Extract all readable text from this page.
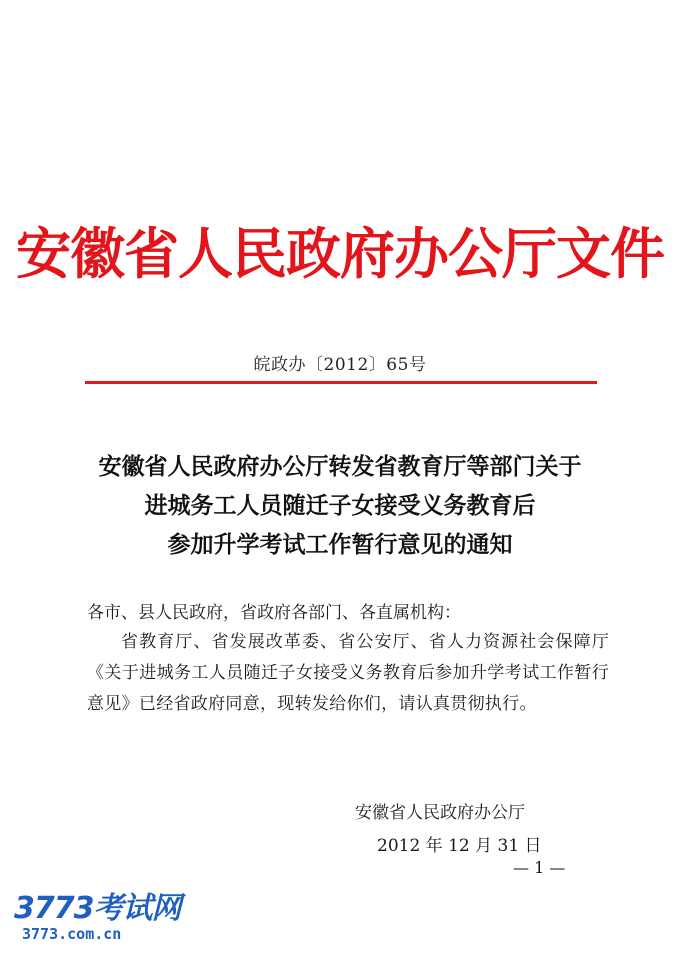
安徽省人民政府办公厅文件
皖政办〔2012〕65号
安徽省人民政府办公厅转发省教育厅等部门关于
进城务工人员随迁子女接受义务教育后
参加升学考试工作暂行意见的通知
各市、县人民政府，省政府各部门、各直属机构：
省教育厅、省发展改革委、省公安厅、省人力资源社会保障厅《关于进城务工人员随迁子女接受义务教育后参加升学考试工作暂行意见》已经省政府同意，现转发给你们，请认真贯彻执行。
安徽省人民政府办公厅
2012 年 12 月 31 日
— 1 —
3773考试网
3773.com.cn
